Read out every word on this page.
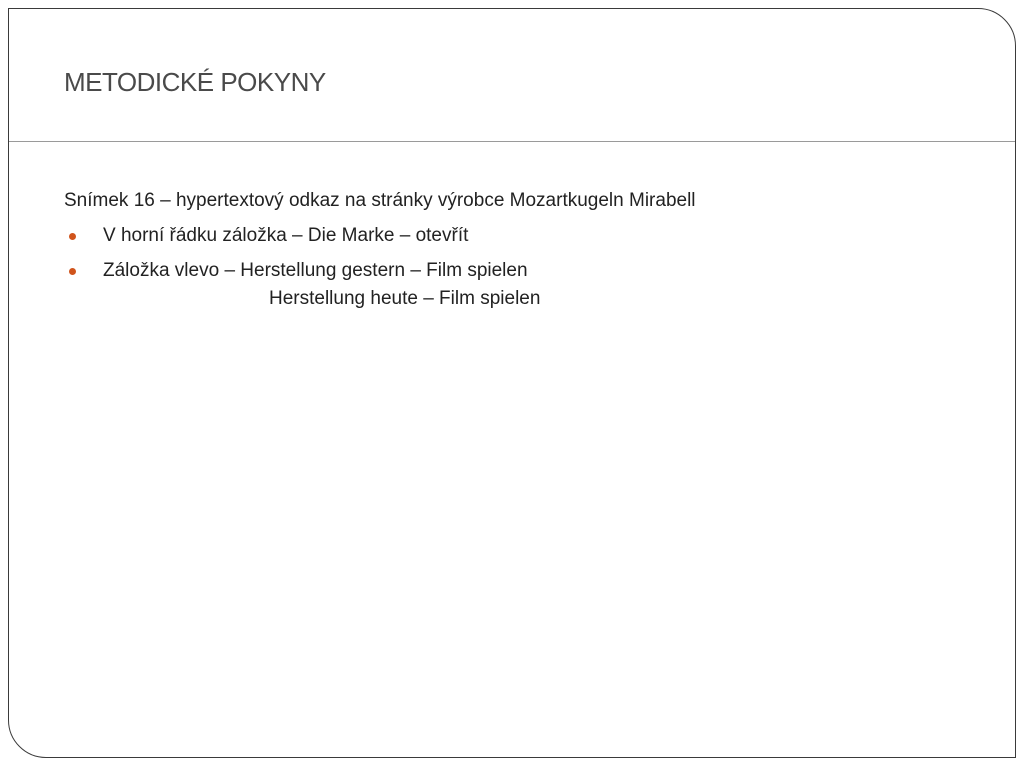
METODICKÉ POKYNY

Snímek 16 – hypertextový odkaz na stránky výrobce Mozartkugeln Mirabell

V horní řádku záložka – Die Marke – otevřít
Záložka vlevo – Herstellung gestern – Film spielen
Herstellung heute – Film spielen
